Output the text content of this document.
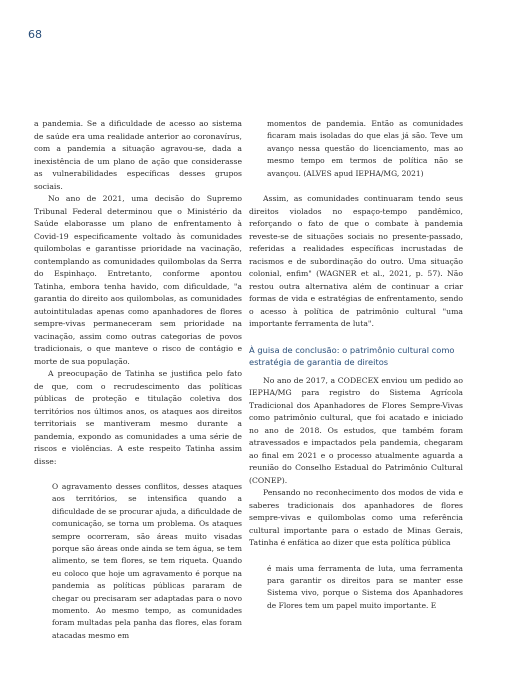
68

a pandemia. Se a dificuldade de acesso ao sistema de saúde era uma realidade anterior ao coronavírus, com a pandemia a situação agravou-se, dada a inexistência de um plano de ação que considerasse as vulnerabilidades específicas desses grupos sociais.

No ano de 2021, uma decisão do Supremo Tribunal Federal determinou que o Ministério da Saúde elaborasse um plano de enfrentamento à Covid-19 especificamente voltado às comunidades quilombolas e garantisse prioridade na vacinação, contemplando as comunidades quilombolas da Serra do Espinhaço. Entretanto, conforme apontou Tatinha, embora tenha havido, com dificuldade, "a garantia do direito aos quilombolas, as comunidades autointituladas apenas como apanhadores de flores sempre-vivas permaneceram sem prioridade na vacinação, assim como outras categorias de povos tradicionais, o que manteve o risco de contágio e morte de sua população.

A preocupação de Tatinha se justifica pelo fato de que, com o recrudescimento das políticas públicas de proteção e titulação coletiva dos territórios nos últimos anos, os ataques aos direitos territoriais se mantiveram mesmo durante a pandemia, expondo as comunidades a uma série de riscos e violências. A este respeito Tatinha assim disse:

O agravamento desses conflitos, desses ataques aos territórios, se intensifica quando a dificuldade de se procurar ajuda, a dificuldade de comunicação, se torna um problema. Os ataques sempre ocorreram, são áreas muito visadas porque são áreas onde ainda se tem água, se tem alimento, se tem flores, se tem riqueta. Quando eu coloco que hoje um agravamento é porque na pandemia as políticas públicas pararam de chegar ou precisaram ser adaptadas para o novo momento. Ao mesmo tempo, as comunidades foram multadas pela panha das flores, elas foram atacadas mesmo em

momentos de pandemia. Então as comunidades ficaram mais isoladas do que elas já são. Teve um avanço nessa questão do licenciamento, mas ao mesmo tempo em termos de política não se avançou. (ALVES apud IEPHA/MG, 2021)

Assim, as comunidades continuaram tendo seus direitos violados no espaço-tempo pandêmico, reforçando o fato de que o combate à pandemia reveste-se de situações sociais no presente-passado, referidas a realidades específicas incrustadas de racismos e de subordinação do outro. Uma situação colonial, enfim" (WAGNER et al., 2021, p. 57). Não restou outra alternativa além de continuar a criar formas de vida e estratégias de enfrentamento, sendo o acesso à política de patrimônio cultural "uma importante ferramenta de luta".

À guisa de conclusão: o patrimônio cultural como estratégia de garantia de direitos

No ano de 2017, a CODECEX enviou um pedido ao IEPHA/MG para registro do Sistema Agrícola Tradicional dos Apanhadores de Flores Sempre-Vivas como patrimônio cultural, que foi acatado e iniciado no ano de 2018. Os estudos, que também foram atravessados e impactados pela pandemia, chegaram ao final em 2021 e o processo atualmente aguarda a reunião do Conselho Estadual do Patrimônio Cultural (CONEP).

Pensando no reconhecimento dos modos de vida e saberes tradicionais dos apanhadores de flores sempre-vivas e quilombolas como uma referência cultural importante para o estado de Minas Gerais, Tatinha é enfática ao dizer que esta política pública

é mais uma ferramenta de luta, uma ferramenta para garantir os direitos para se manter esse Sistema vivo, porque o Sistema dos Apanhadores de Flores tem um papel muito importante. E
